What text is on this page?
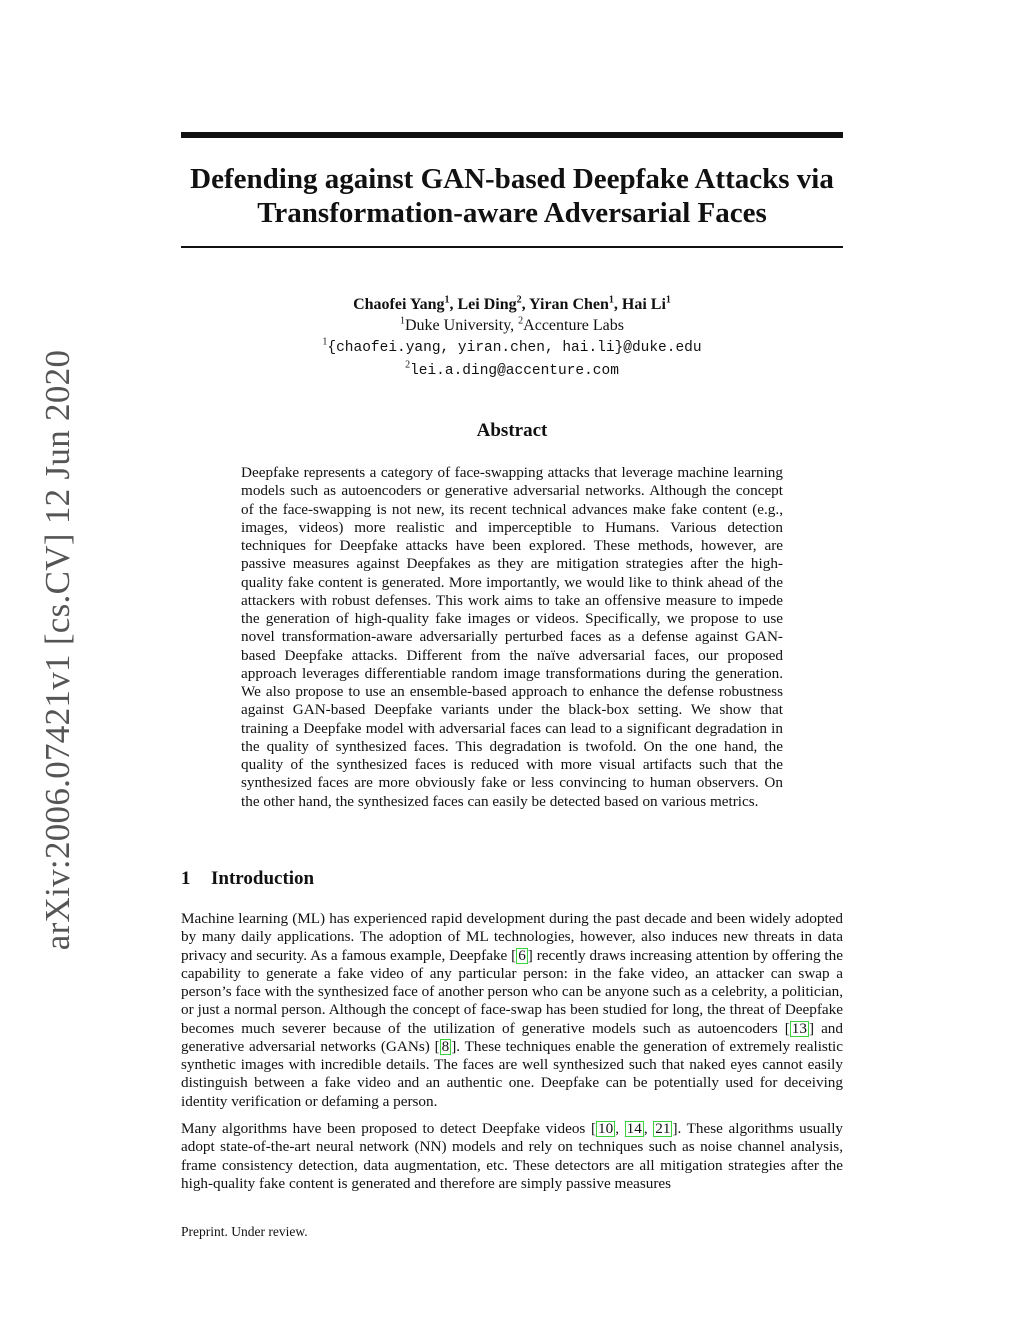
arXiv:2006.07421v1 [cs.CV] 12 Jun 2020
Defending against GAN-based Deepfake Attacks via
Transformation-aware Adversarial Faces
Chaofei Yang$^1$, Lei Ding$^2$, Yiran Chen$^1$, Hai Li$^1$
$^1$Duke University, $^2$Accenture Labs
$^1${chaofei.yang, yiran.chen, hai.li}@duke.edu
$^2$lei.a.ding@accenture.com
Abstract

Deepfake represents a category of face-swapping attacks that leverage machine learning models such as autoencoders or generative adversarial networks. Although the concept of the face-swapping is not new, its recent technical advances make fake content (e.g., images, videos) more realistic and imperceptible to Humans. Various detection techniques for Deepfake attacks have been explored. These methods, however, are passive measures against Deepfakes as they are mitigation strategies after the high-quality fake content is generated. More importantly, we would like to think ahead of the attackers with robust defenses. This work aims to take an offensive measure to impede the generation of high-quality fake images or videos. Specifically, we propose to use novel transformation-aware adversarially perturbed faces as a defense against GAN-based Deepfake attacks. Different from the naïve adversarial faces, our proposed approach leverages differentiable random image transformations during the generation. We also propose to use an ensemble-based approach to enhance the defense robustness against GAN-based Deepfake variants under the black-box setting. We show that training a Deepfake model with adversarial faces can lead to a significant degradation in the quality of synthesized faces. This degradation is twofold. On the one hand, the quality of the synthesized faces is reduced with more visual artifacts such that the synthesized faces are more obviously fake or less convincing to human observers. On the other hand, the synthesized faces can easily be detected based on various metrics.

1 Introduction

Machine learning (ML) has experienced rapid development during the past decade and been widely adopted by many daily applications. The adoption of ML technologies, however, also induces new threats in data privacy and security. As a famous example, Deepfake [ 6 ] recently draws increasing attention by offering the capability to generate a fake video of any particular person: in the fake video, an attacker can swap a person’s face with the synthesized face of another person who can be anyone such as a celebrity, a politician, or just a normal person. Although the concept of face-swap has been studied for long, the threat of Deepfake becomes much severer because of the utilization of generative models such as autoencoders [ 13 ] and generative adversarial networks (GANs) [ 8 ]. These techniques enable the generation of extremely realistic synthetic images with incredible details. The faces are well synthesized such that naked eyes cannot easily distinguish between a fake video and an authentic one. Deepfake can be potentially used for deceiving identity verification or defaming a person.

Many algorithms have been proposed to detect Deepfake videos [ 10 , 14 , 21 ]. These algorithms usually adopt state-of-the-art neural network (NN) models and rely on techniques such as noise channel analysis, frame consistency detection, data augmentation, etc. These detectors are all mitigation strategies after the high-quality fake content is generated and therefore are simply passive measures

Preprint. Under review.
